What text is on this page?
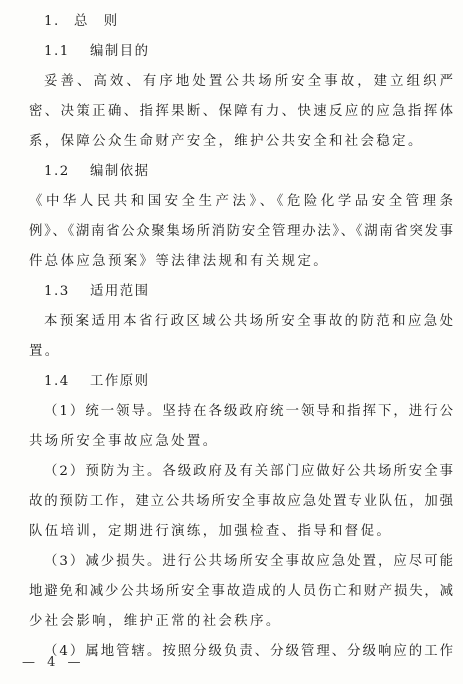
1. 总　则
1.1 编制目的
妥善、高效、有序地处置公共场所安全事故，建立组织严
密、决策正确、指挥果断、保障有力、快速反应的应急指挥体
系，保障公众生命财产安全，维护公共安全和社会稳定。
1.2 编制依据
《中华人民共和国安全生产法》、《危险化学品安全管理条
例》、《湖南省公众聚集场所消防安全管理办法》、《湖南省突发事
件总体应急预案》等法律法规和有关规定。
1.3 适用范围
本预案适用本省行政区域公共场所安全事故的防范和应急处
置。
1.4 工作原则
（1）统一领导。坚持在各级政府统一领导和指挥下，进行公
共场所安全事故应急处置。
（2）预防为主。各级政府及有关部门应做好公共场所安全事
故的预防工作，建立公共场所安全事故应急处置专业队伍，加强
队伍培训，定期进行演练，加强检查、指导和督促。
（3）减少损失。进行公共场所安全事故应急处置，应尽可能
地避免和减少公共场所安全事故造成的人员伤亡和财产损失，减
少社会影响，维护正常的社会秩序。
（4）属地管辖。按照分级负责、分级管理、分级响应的工作
— 4 —
